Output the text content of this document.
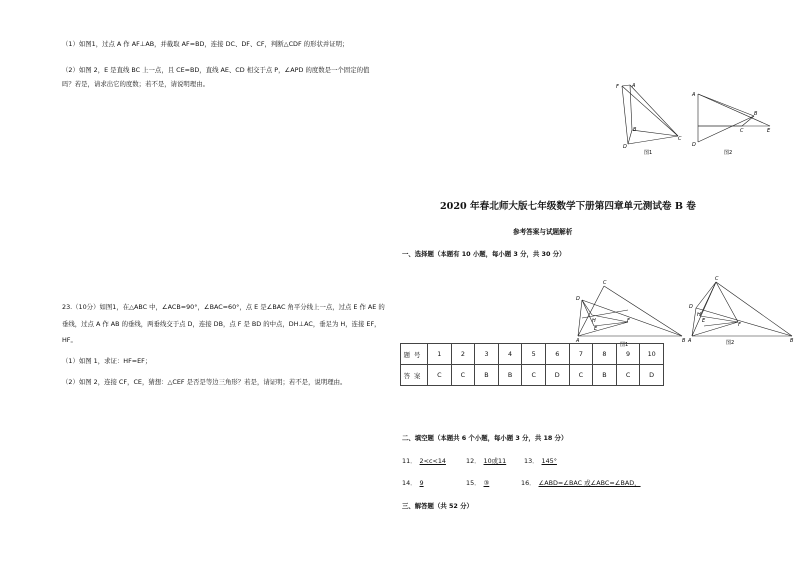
（1）如图1，过点 A 作 AF⊥AB，并截取 AF=BD，连接 DC、DF、CF，判断△CDF 的形状并证明；
（2）如图 2，E 是直线 BC 上一点，且 CE=BD，直线 AE、CD 相交于点 P，∠APD 的度数是一个固定的值
吗？若是，请求出它的度数；若不是，请说明理由。
23.（10分）如图1，在△ABC 中，∠ACB=90°，∠BAC=60°，点 E 是∠BAC 角平分线上一点，过点 E 作 AE 的
垂线，过点 A 作 AB 的垂线，两垂线交于点 D，连接 DB，点 F 是 BD 的中点，DH⊥AC，垂足为 H，连接 EF，
HF。
（1）如图 1，求证：HF=EF；
（2）如图 2，连接 CF，CE，猜想：△CEF 是否是等边三角形？若是，请证明；若不是，说明理由。
F	A
B
D
C
图1
A
B
C	E
D
图2
2020 年春北师大版七年级数学下册第四章单元测试卷 B 卷
参考答案与试题解析
一、选择题（本题有 10 小题，每小题 3 分，共 30 分）
C
D
H
E
F
A	B
图1
C
D
H
E
F
A	B
图2
题号	1	2	3	4	5	6	7	8	9	10
答案	C	C	B	B	C	D	C	B	C	D
二、填空题（本题共 6 个小题，每小题 3 分，共 18 分）
11． 2<c<14	12． 10或11	13． 145°
14． 9	15． ③	16． ∠ABD=∠BAC 或∠ABC=∠BAD，
三、解答题（共 52 分）
